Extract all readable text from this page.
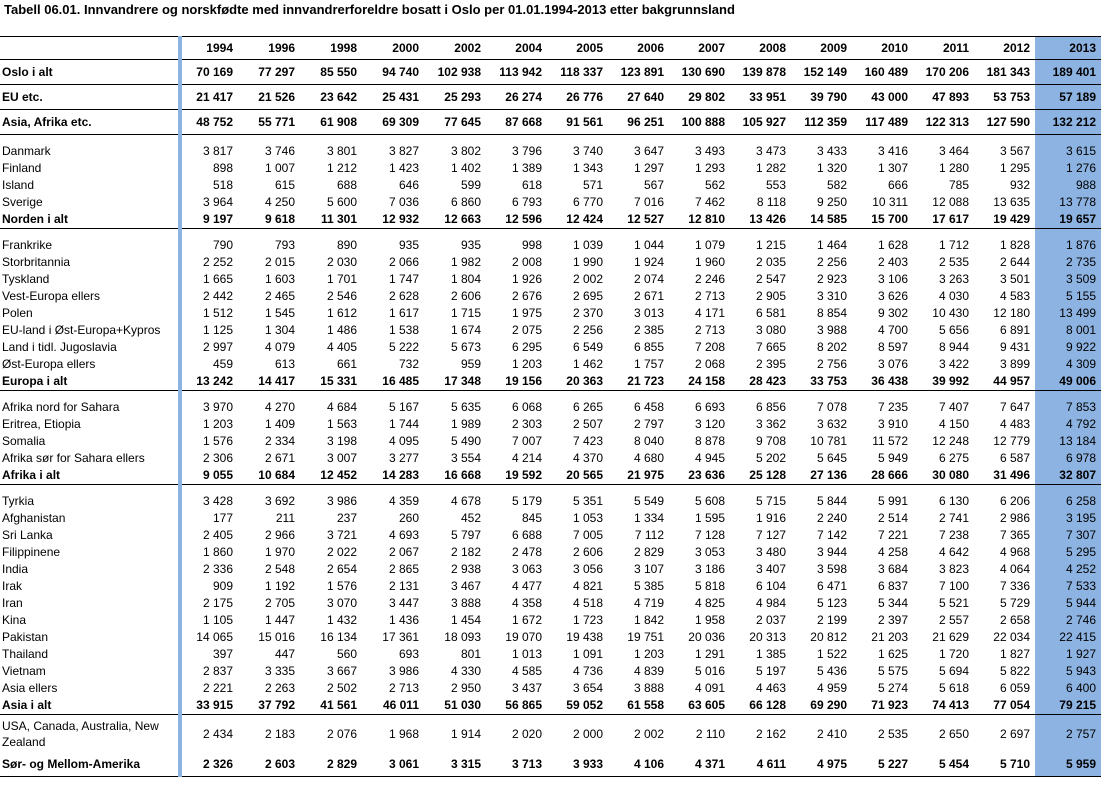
Tabell 06.01. Innvandrere og norskfødte med innvandrerforeldre bosatt i Oslo per 01.01.1994-2013 etter bakgrunnsland
	1994	1996	1998	2000	2002	2004	2005	2006	2007	2008	2009	2010	2011	2012	2013
Oslo i alt	70 169	77 297	85 550	94 740	102 938	113 942	118 337	123 891	130 690	139 878	152 149	160 489	170 206	181 343	189 401
EU etc.	21 417	21 526	23 642	25 431	25 293	26 274	26 776	27 640	29 802	33 951	39 790	43 000	47 893	53 753	57 189
Asia, Afrika etc.	48 752	55 771	61 908	69 309	77 645	87 668	91 561	96 251	100 888	105 927	112 359	117 489	122 313	127 590	132 212

Danmark	3 817	3 746	3 801	3 827	3 802	3 796	3 740	3 647	3 493	3 473	3 433	3 416	3 464	3 567	3 615
Finland	898	1 007	1 212	1 423	1 402	1 389	1 343	1 297	1 293	1 282	1 320	1 307	1 280	1 295	1 276
Island	518	615	688	646	599	618	571	567	562	553	582	666	785	932	988
Sverige	3 964	4 250	5 600	7 036	6 860	6 793	6 770	7 016	7 462	8 118	9 250	10 311	12 088	13 635	13 778
Norden i alt	9 197	9 618	11 301	12 932	12 663	12 596	12 424	12 527	12 810	13 426	14 585	15 700	17 617	19 429	19 657

Frankrike	790	793	890	935	935	998	1 039	1 044	1 079	1 215	1 464	1 628	1 712	1 828	1 876
Storbritannia	2 252	2 015	2 030	2 066	1 982	2 008	1 990	1 924	1 960	2 035	2 256	2 403	2 535	2 644	2 735
Tyskland	1 665	1 603	1 701	1 747	1 804	1 926	2 002	2 074	2 246	2 547	2 923	3 106	3 263	3 501	3 509
Vest-Europa ellers	2 442	2 465	2 546	2 628	2 606	2 676	2 695	2 671	2 713	2 905	3 310	3 626	4 030	4 583	5 155
Polen	1 512	1 545	1 612	1 617	1 715	1 975	2 370	3 013	4 171	6 581	8 854	9 302	10 430	12 180	13 499
EU-land i Øst-Europa+Kypros	1 125	1 304	1 486	1 538	1 674	2 075	2 256	2 385	2 713	3 080	3 988	4 700	5 656	6 891	8 001
Land i tidl. Jugoslavia	2 997	4 079	4 405	5 222	5 673	6 295	6 549	6 855	7 208	7 665	8 202	8 597	8 944	9 431	9 922
Øst-Europa ellers	459	613	661	732	959	1 203	1 462	1 757	2 068	2 395	2 756	3 076	3 422	3 899	4 309
Europa i alt	13 242	14 417	15 331	16 485	17 348	19 156	20 363	21 723	24 158	28 423	33 753	36 438	39 992	44 957	49 006

Afrika nord for Sahara	3 970	4 270	4 684	5 167	5 635	6 068	6 265	6 458	6 693	6 856	7 078	7 235	7 407	7 647	7 853
Eritrea, Etiopia	1 203	1 409	1 563	1 744	1 989	2 303	2 507	2 797	3 120	3 362	3 632	3 910	4 150	4 483	4 792
Somalia	1 576	2 334	3 198	4 095	5 490	7 007	7 423	8 040	8 878	9 708	10 781	11 572	12 248	12 779	13 184
Afrika sør for Sahara ellers	2 306	2 671	3 007	3 277	3 554	4 214	4 370	4 680	4 945	5 202	5 645	5 949	6 275	6 587	6 978
Afrika i alt	9 055	10 684	12 452	14 283	16 668	19 592	20 565	21 975	23 636	25 128	27 136	28 666	30 080	31 496	32 807

Tyrkia	3 428	3 692	3 986	4 359	4 678	5 179	5 351	5 549	5 608	5 715	5 844	5 991	6 130	6 206	6 258
Afghanistan	177	211	237	260	452	845	1 053	1 334	1 595	1 916	2 240	2 514	2 741	2 986	3 195
Sri Lanka	2 405	2 966	3 721	4 693	5 797	6 688	7 005	7 112	7 128	7 127	7 142	7 221	7 238	7 365	7 307
Filippinene	1 860	1 970	2 022	2 067	2 182	2 478	2 606	2 829	3 053	3 480	3 944	4 258	4 642	4 968	5 295
India	2 336	2 548	2 654	2 865	2 938	3 063	3 056	3 107	3 186	3 407	3 598	3 684	3 823	4 064	4 252
Irak	909	1 192	1 576	2 131	3 467	4 477	4 821	5 385	5 818	6 104	6 471	6 837	7 100	7 336	7 533
Iran	2 175	2 705	3 070	3 447	3 888	4 358	4 518	4 719	4 825	4 984	5 123	5 344	5 521	5 729	5 944
Kina	1 105	1 447	1 432	1 436	1 454	1 672	1 723	1 842	1 958	2 037	2 199	2 397	2 557	2 658	2 746
Pakistan	14 065	15 016	16 134	17 361	18 093	19 070	19 438	19 751	20 036	20 313	20 812	21 203	21 629	22 034	22 415
Thailand	397	447	560	693	801	1 013	1 091	1 203	1 291	1 385	1 522	1 625	1 720	1 827	1 927
Vietnam	2 837	3 335	3 667	3 986	4 330	4 585	4 736	4 839	5 016	5 197	5 436	5 575	5 694	5 822	5 943
Asia ellers	2 221	2 263	2 502	2 713	2 950	3 437	3 654	3 888	4 091	4 463	4 959	5 274	5 618	6 059	6 400
Asia i alt	33 915	37 792	41 561	46 011	51 030	56 865	59 052	61 558	63 605	66 128	69 290	71 923	74 413	77 054	79 215
USA, Canada, Australia, New Zealand	2 434	2 183	2 076	1 968	1 914	2 020	2 000	2 002	2 110	2 162	2 410	2 535	2 650	2 697	2 757
Sør- og Mellom-Amerika	2 326	2 603	2 829	3 061	3 315	3 713	3 933	4 106	4 371	4 611	4 975	5 227	5 454	5 710	5 959
